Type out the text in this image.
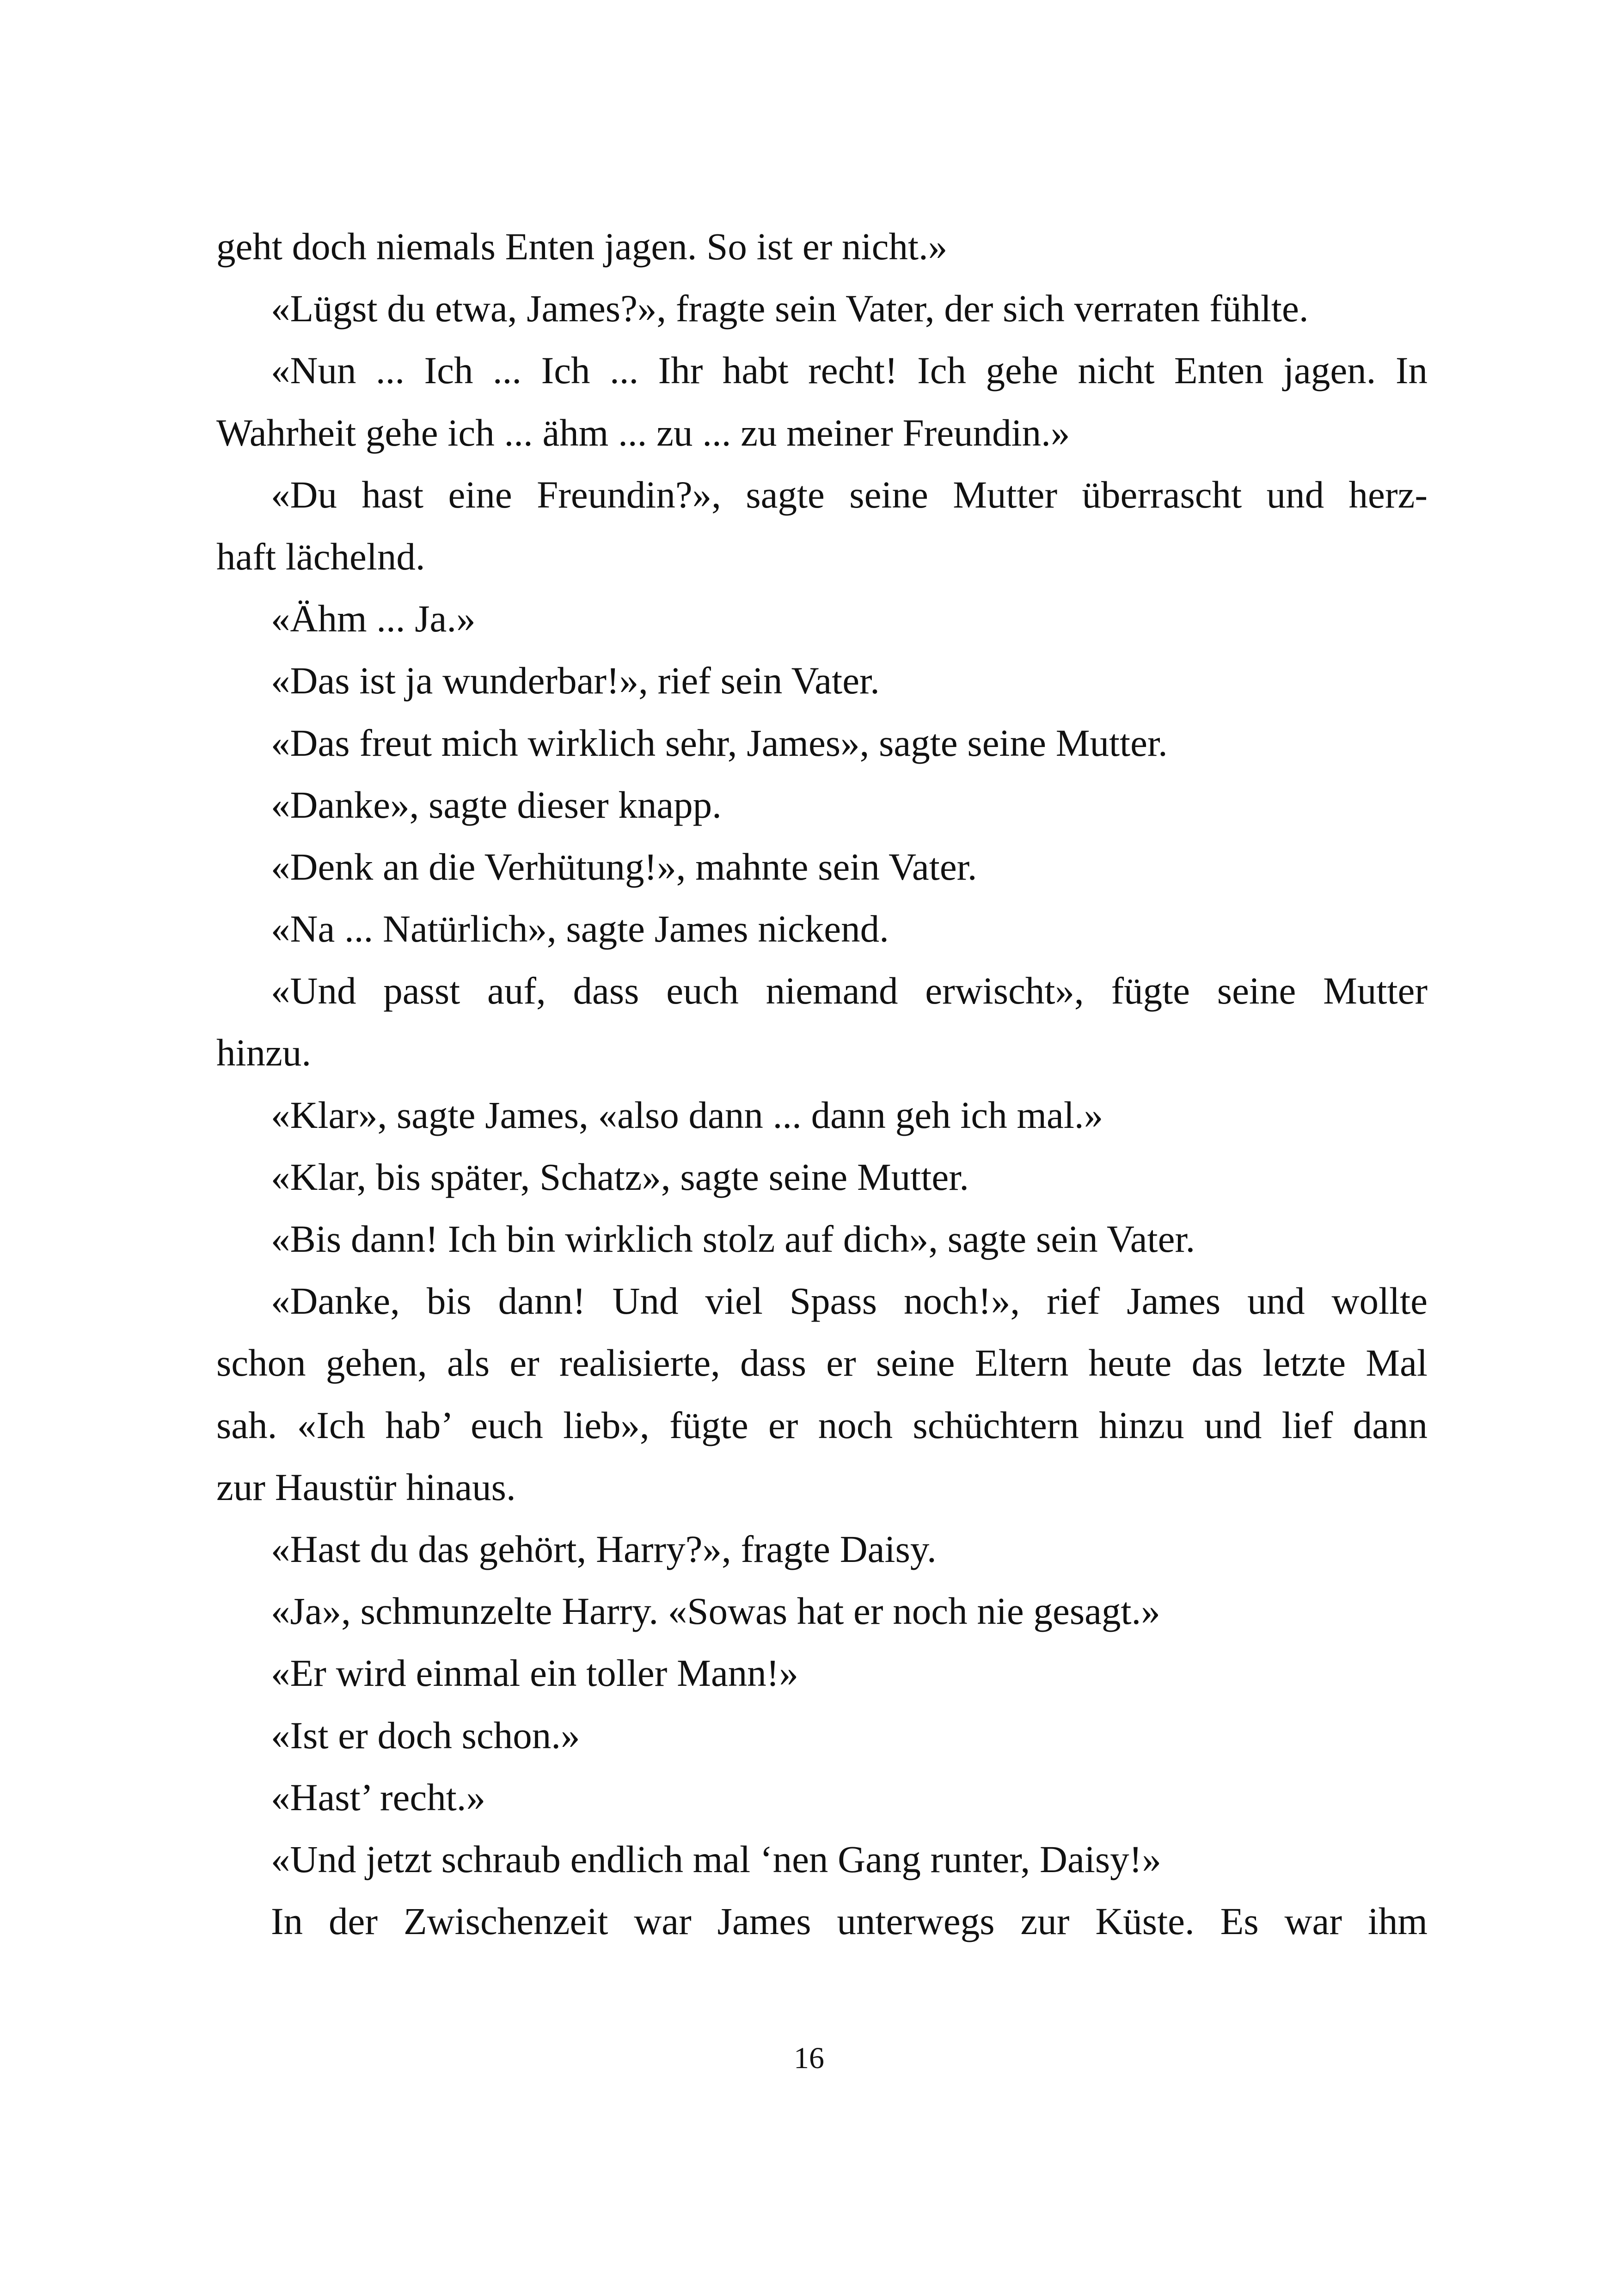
geht doch niemals Enten jagen. So ist er nicht.»
«Lügst du etwa, James?», fragte sein Vater, der sich verraten fühlte.
«Nun ... Ich ... Ich ... Ihr habt recht! Ich gehe nicht Enten jagen. In
Wahrheit gehe ich ... ähm ... zu ... zu meiner Freundin.»
«Du hast eine Freundin?», sagte seine Mutter überrascht und herz-
haft lächelnd.
«Ähm ... Ja.»
«Das ist ja wunderbar!», rief sein Vater.
«Das freut mich wirklich sehr, James», sagte seine Mutter.
«Danke», sagte dieser knapp.
«Denk an die Verhütung!», mahnte sein Vater.
«Na ... Natürlich», sagte James nickend.
«Und passt auf, dass euch niemand erwischt», fügte seine Mutter
hinzu.
«Klar», sagte James, «also dann ... dann geh ich mal.»
«Klar, bis später, Schatz», sagte seine Mutter.
«Bis dann! Ich bin wirklich stolz auf dich», sagte sein Vater.
«Danke, bis dann! Und viel Spass noch!», rief James und wollte
schon gehen, als er realisierte, dass er seine Eltern heute das letzte Mal
sah. «Ich hab’ euch lieb», fügte er noch schüchtern hinzu und lief dann
zur Haustür hinaus.
«Hast du das gehört, Harry?», fragte Daisy.
«Ja», schmunzelte Harry. «Sowas hat er noch nie gesagt.»
«Er wird einmal ein toller Mann!»
«Ist er doch schon.»
«Hast’ recht.»
«Und jetzt schraub endlich mal ‘nen Gang runter, Daisy!»
In der Zwischenzeit war James unterwegs zur Küste. Es war ihm
16
